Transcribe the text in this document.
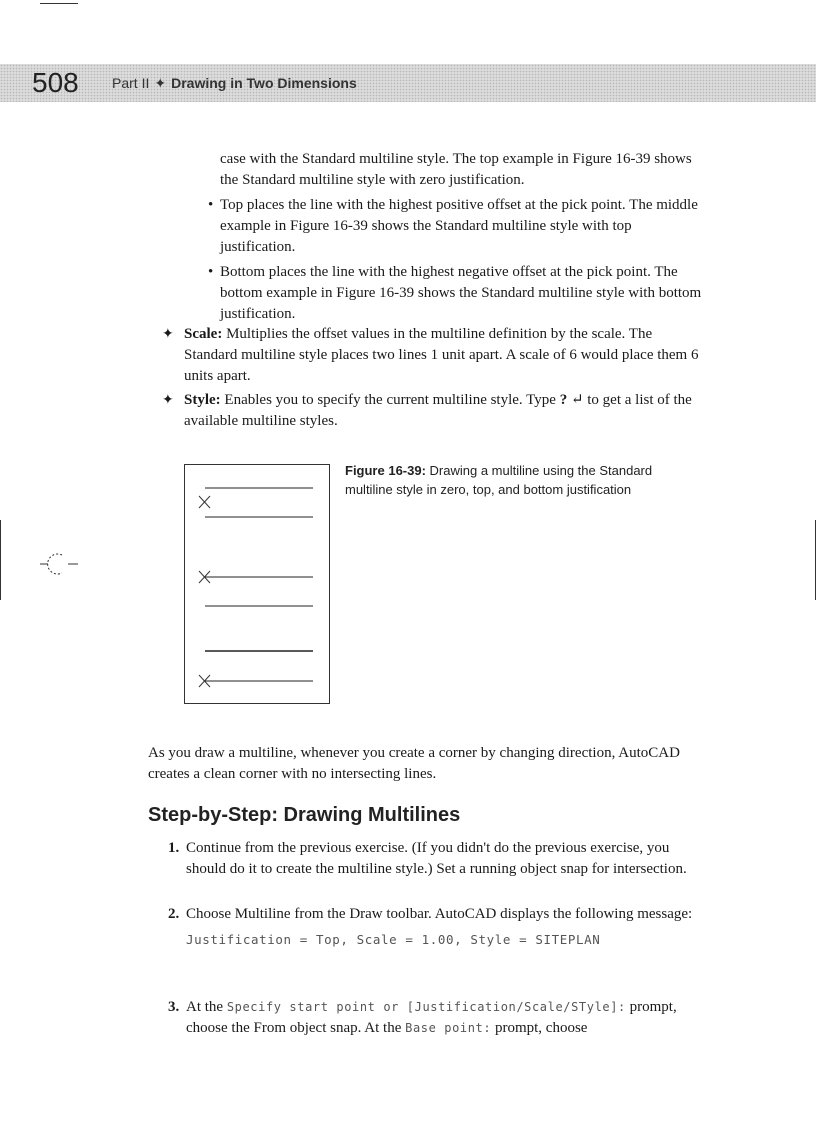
508 Part II ✦ Drawing in Two Dimensions

case with the Standard multiline style. The top example in Figure 16-39 shows the Standard multiline style with zero justification.

• Top places the line with the highest positive offset at the pick point. The middle example in Figure 16-39 shows the Standard multiline style with top justification.

• Bottom places the line with the highest negative offset at the pick point. The bottom example in Figure 16-39 shows the Standard multiline style with bottom justification.

✦ Scale: Multiplies the offset values in the multiline definition by the scale. The Standard multiline style places two lines 1 unit apart. A scale of 6 would place them 6 units apart.

✦ Style: Enables you to specify the current multiline style. Type ? ↵ to get a list of the available multiline styles.

Figure 16-39: Drawing a multiline using the Standard multiline style in zero, top, and bottom justification

As you draw a multiline, whenever you create a corner by changing direction, AutoCAD creates a clean corner with no intersecting lines.

Step-by-Step: Drawing Multilines
1. Continue from the previous exercise. (If you didn't do the previous exercise, you should do it to create the multiline style.) Set a running object snap for intersection.

2. Choose Multiline from the Draw toolbar. AutoCAD displays the following message:

Justification = Top, Scale = 1.00, Style = SITEPLAN

3. At the Specify start point or [Justification/Scale/STyle]: prompt, choose the From object snap. At the Base point: prompt, choose
